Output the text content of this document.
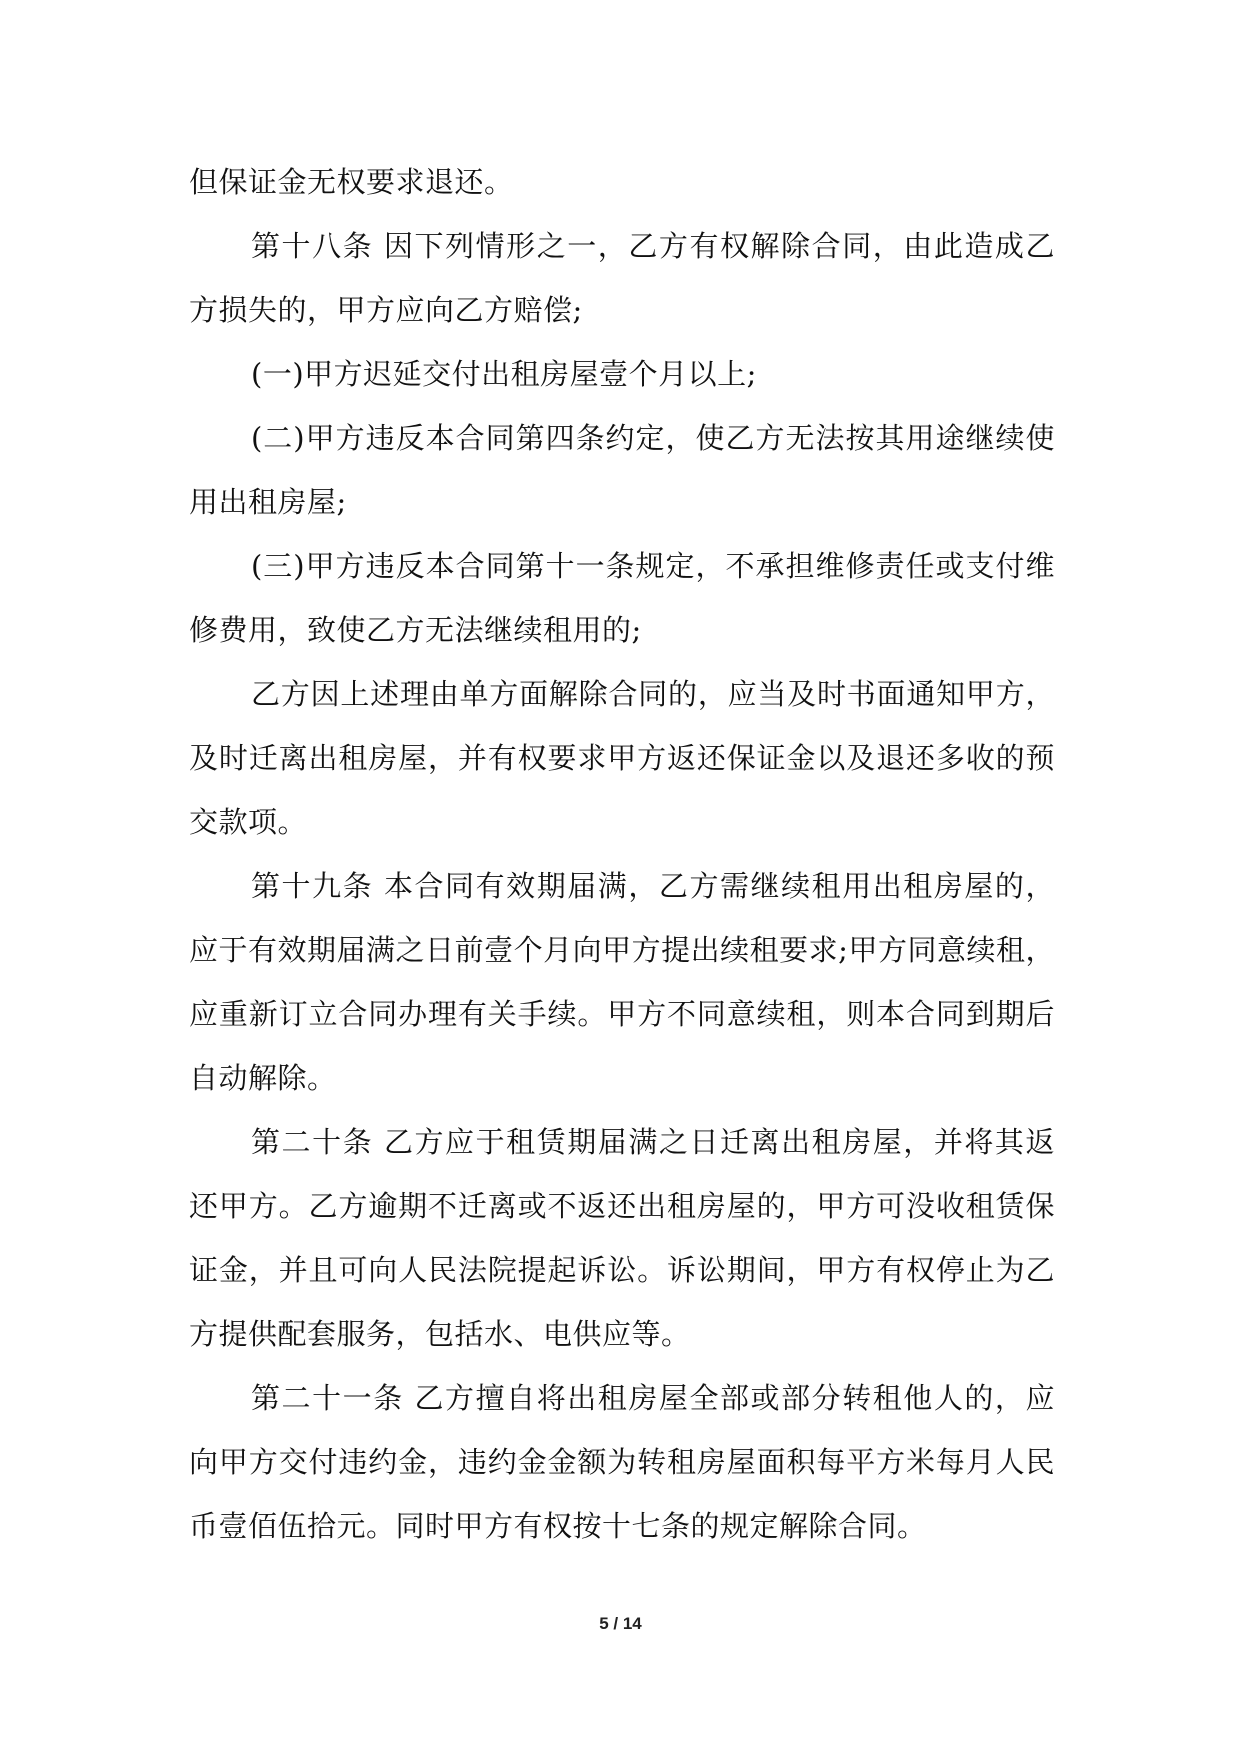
但保证金无权要求退还。

第十八条 因下列情形之一，乙方有权解除合同，由此造成乙方损失的，甲方应向乙方赔偿;

(一)甲方迟延交付出租房屋壹个月以上;

(二)甲方违反本合同第四条约定，使乙方无法按其用途继续使用出租房屋;

(三)甲方违反本合同第十一条规定，不承担维修责任或支付维修费用，致使乙方无法继续租用的;

乙方因上述理由单方面解除合同的，应当及时书面通知甲方，及时迁离出租房屋，并有权要求甲方返还保证金以及退还多收的预交款项。

第十九条 本合同有效期届满，乙方需继续租用出租房屋的，应于有效期届满之日前壹个月向甲方提出续租要求;甲方同意续租，应重新订立合同办理有关手续。甲方不同意续租，则本合同到期后自动解除。

第二十条 乙方应于租赁期届满之日迁离出租房屋，并将其返还甲方。乙方逾期不迁离或不返还出租房屋的，甲方可没收租赁保证金，并且可向人民法院提起诉讼。诉讼期间，甲方有权停止为乙方提供配套服务，包括水、电供应等。

第二十一条 乙方擅自将出租房屋全部或部分转租他人的，应向甲方交付违约金，违约金金额为转租房屋面积每平方米每月人民币壹佰伍拾元。同时甲方有权按十七条的规定解除合同。

5 / 14
